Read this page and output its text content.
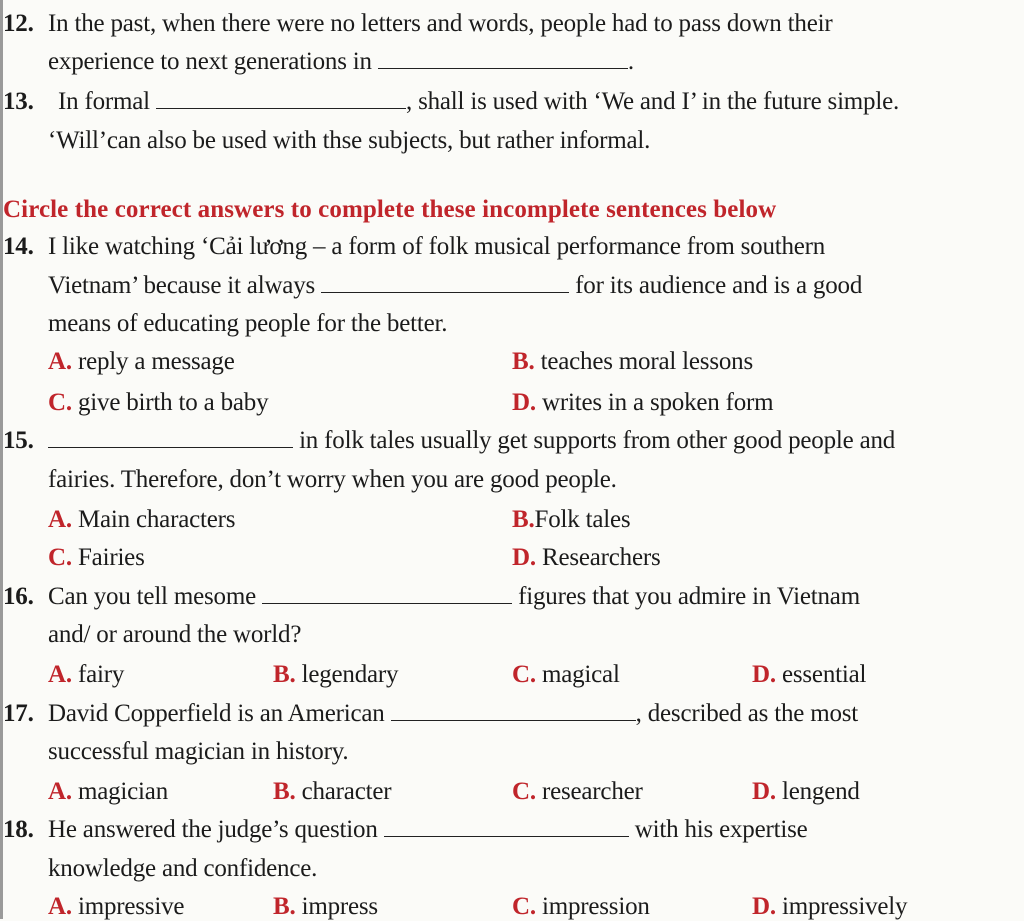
12. In the past, when there were no letters and words, people had to pass down their
experience to next generations in	.
13. In formal	, shall is used with ‘We and I’ in the future simple.
‘Will’can also be used with thse subjects, but rather informal.
Circle the correct answers to complete these incomplete sentences below
14. I like watching ‘Cải lương – a form of folk musical performance from southern
Vietnam’ because it always	for its audience and is a good
means of educating people for the better.
A. reply a message	B. teaches moral lessons
C. give birth to a baby	D. writes in a spoken form
15.	in folk tales usually get supports from other good people and
fairies. Therefore, don’t worry when you are good people.
A. Main characters	B.Folk tales
C. Fairies	D. Researchers
16. Can you tell mesome	figures that you admire in Vietnam
and/ or around the world?
A. fairy	B. legendary	C. magical	D. essential
17. David Copperfield is an American	, described as the most
successful magician in history.
A. magician	B. character	C. researcher	D. lengend
18. He answered the judge’s question	with his expertise
knowledge and confidence.
A. impressive	B. impress	C. impression	D. impressively
